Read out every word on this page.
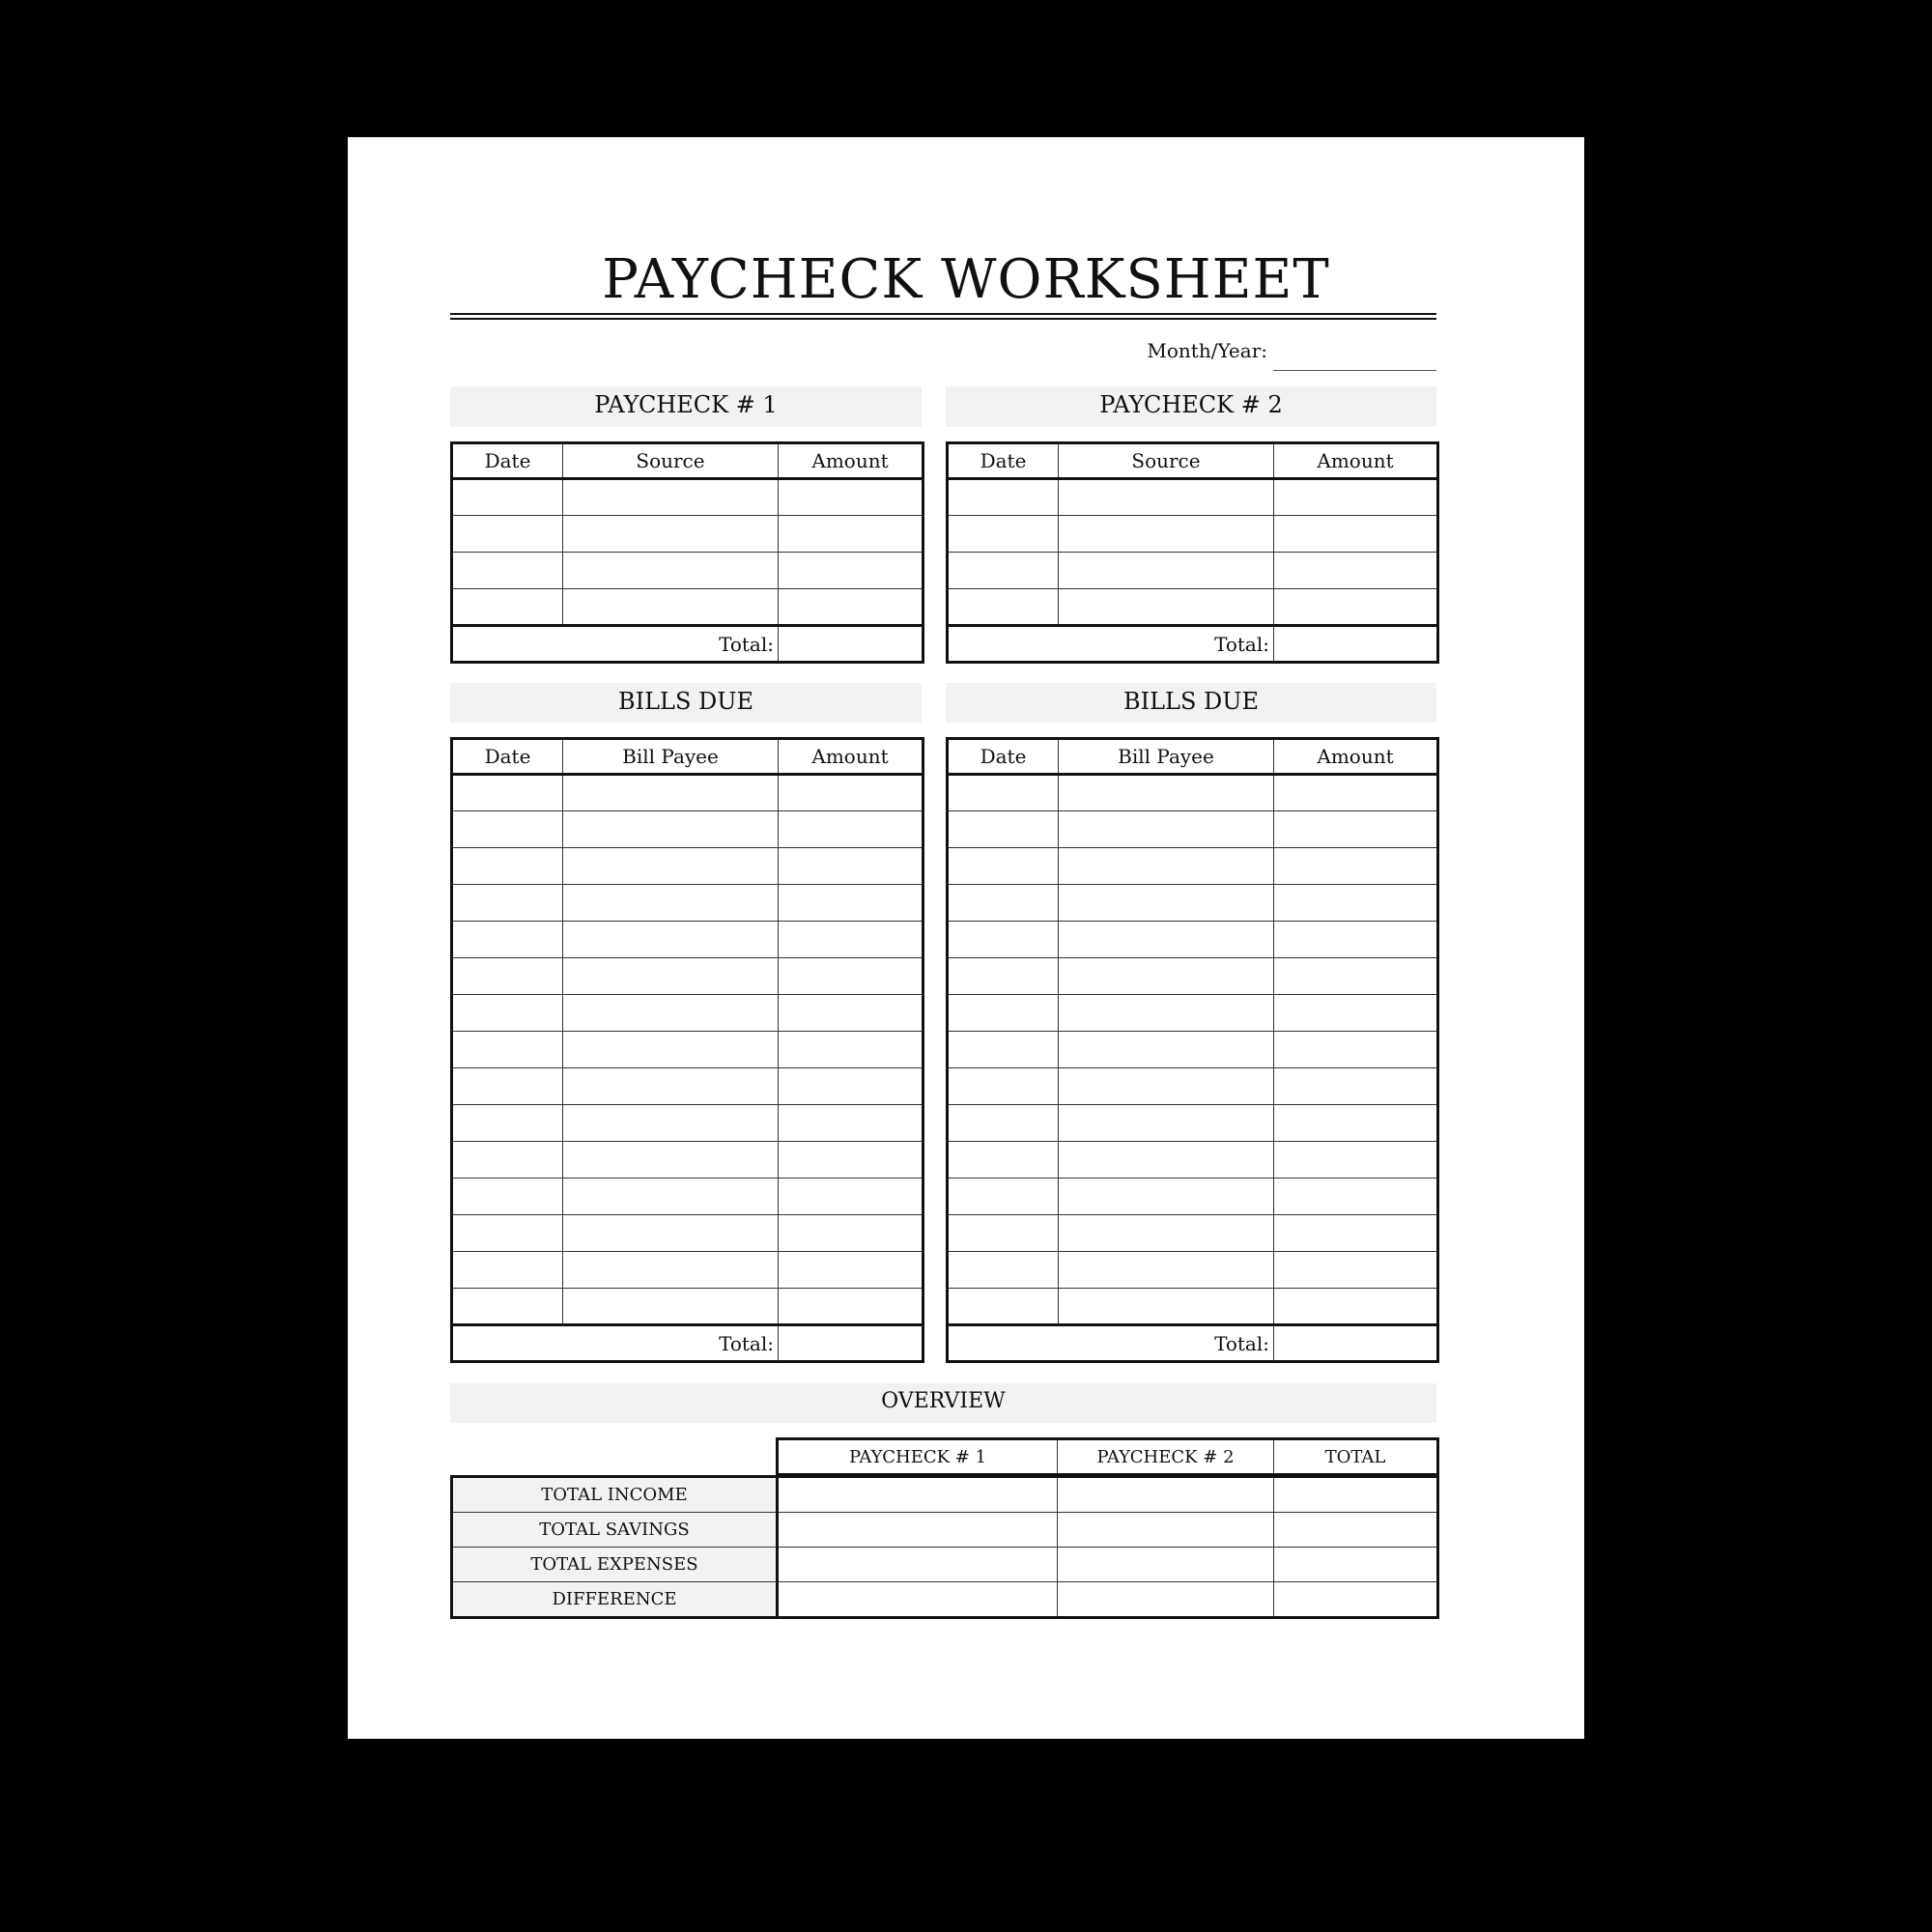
PAYCHECK WORKSHEET
Month/Year:
PAYCHECK # 1
Date	Source	Amount

Total:		
PAYCHECK # 2
Date	Source	Amount

Total:		
BILLS DUE
Date	Bill Payee	Amount

Total:		
BILLS DUE
Date	Bill Payee	Amount

Total:		
OVERVIEW
PAYCHECK # 1	PAYCHECK # 2	TOTAL
TOTAL INCOME			
TOTAL SAVINGS			
TOTAL EXPENSES			
DIFFERENCE			
